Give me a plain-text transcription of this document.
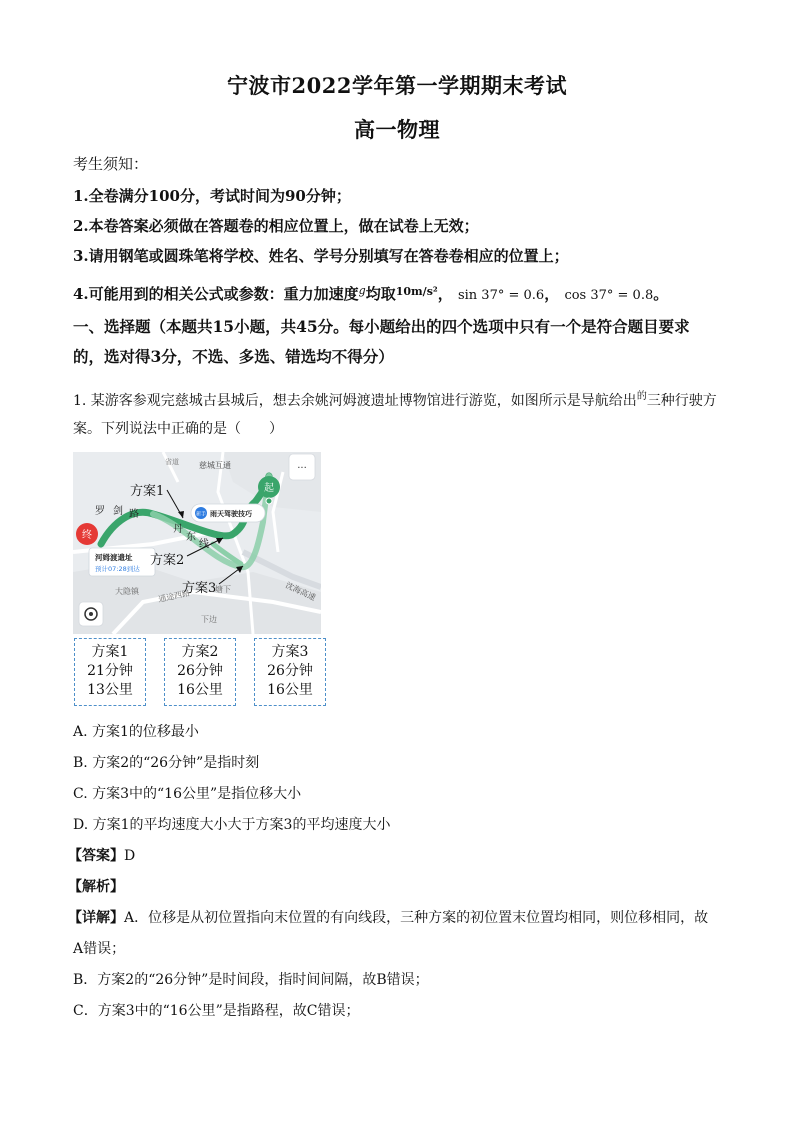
宁波市2022学年第一学期期末考试
高一物理
考生须知：
1.全卷满分100分，考试时间为90分钟；
2.本卷答案必须做在答题卷的相应位置上，做在试卷上无效；
3.请用钢笔或圆珠笔将学校、姓名、学号分别填写在答卷卷相应的位置上；
4.可能用到的相关公式或参数：重力加速度$^g$均取$^{10m/s^2}$， sin 37° = 0.6， cos 37° = 0.8。
一、选择题（本题共15小题，共45分。每小题给出的四个选项中只有一个是符合题目要求
的，选对得3分，不选、多选、错选均不得分）
1. 某游客参观完慈城古县城后，想去余姚河姆渡遗址博物馆进行游览，如图所示是导航给出$^的$三种行驶方
案。下列说法中正确的是（　　）
起
终
新手 雨天驾驶技巧
河姆渡遗址
预计07:28到达
罗 剑 路
丹
东
线
慈城互通
省道
沈海高速
大隐镇 通途西路
下边
塘下
···
方案1
方案2
方案3
方案1
21分钟
13公里
方案2
26分钟
16公里
方案3
26分钟
16公里
A. 方案1的位移最小
B. 方案2的“26分钟”是指时刻
C. 方案3中的“16公里”是指位移大小
D. 方案1的平均速度大小大于方案3的平均速度大小
【答案】D
【解析】
【详解】A．位移是从初位置指向末位置的有向线段，三种方案的初位置末位置均相同，则位移相同，故
A错误；
B．方案2的“26分钟”是时间段，指时间间隔，故B错误；
C．方案3中的“16公里”是指路程，故C错误；
